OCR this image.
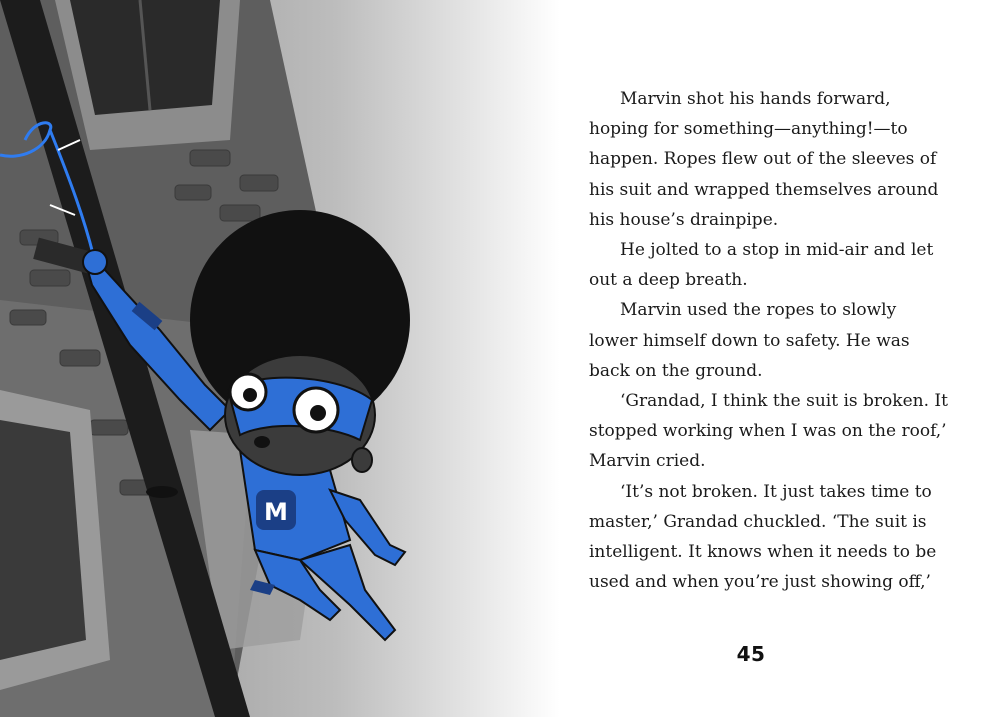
M

Marvin shot his hands forward,
hoping for something—anything!—to
happen. Ropes flew out of the sleeves of
his suit and wrapped themselves around
his house’s drainpipe.

He jolted to a stop in mid-air and let
out a deep breath.

Marvin used the ropes to slowly
lower himself down to safety. He was
back on the ground.

‘Grandad, I think the suit is broken. It
stopped working when I was on the roof,’
Marvin cried.

‘It’s not broken. It just takes time to
master,’ Grandad chuckled. ‘The suit is
intelligent. It knows when it needs to be
used and when you’re just showing off,’

45
